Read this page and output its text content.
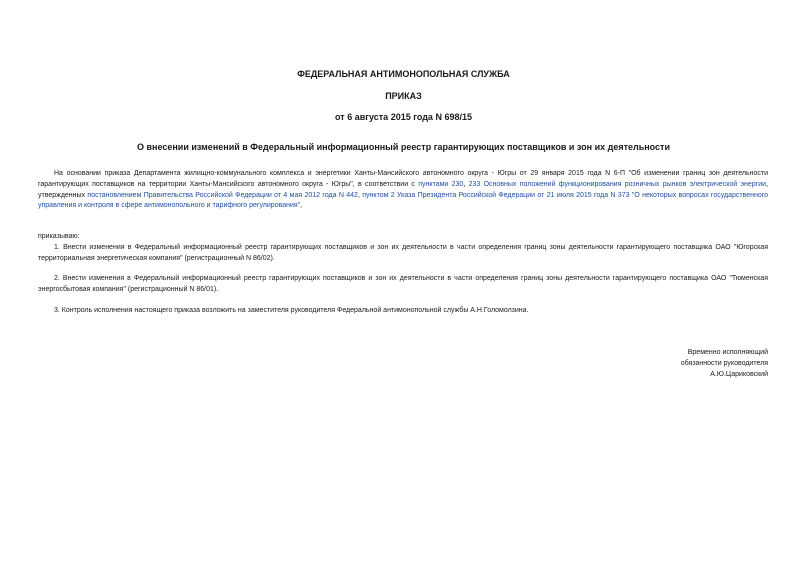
ФЕДЕРАЛЬНАЯ АНТИМОНОПОЛЬНАЯ СЛУЖБА
ПРИКАЗ
от 6 августа 2015 года N 698/15
О внесении изменений в Федеральный информационный реестр гарантирующих поставщиков и зон их деятельности
На основании приказа Департамента жилищно-коммунального комплекса и энергетики Ханты-Мансийского автономного округа - Югры от 29 января 2015 года N 6-П "Об изменении границ зон деятельности гарантирующих поставщиков на территории Ханты-Мансийского автономного округа - Югры", в соответствии с пунктами 230, 233 Основных положений функционирования розничных рынков электрической энергии, утвержденных постановлением Правительства Российской Федерации от 4 мая 2012 года N 442, пунктом 2 Указа Президента Российской Федерации от 21 июля 2015 года N 373 "О некоторых вопросах государственного управления и контроля в сфере антимонопольного и тарифного регулирования",
приказываю:
1. Внести изменения в Федеральный информационный реестр гарантирующих поставщиков и зон их деятельности в части определения границ зоны деятельности гарантирующего поставщика ОАО "Югорская территориальная энергетическая компания" (регистрационный N 86/02).
2. Внести изменения в Федеральный информационный реестр гарантирующих поставщиков и зон их деятельности в части определения границ зоны деятельности гарантирующего поставщика ОАО "Тюменская энергосбытовая компания" (регистрационный N 86/01).
3. Контроль исполнения настоящего приказа возложить на заместителя руководителя Федеральной антимонопольной службы А.Н.Голомолзина.
Временно исполняющий
обязанности руководителя
А.Ю.Цариковский
